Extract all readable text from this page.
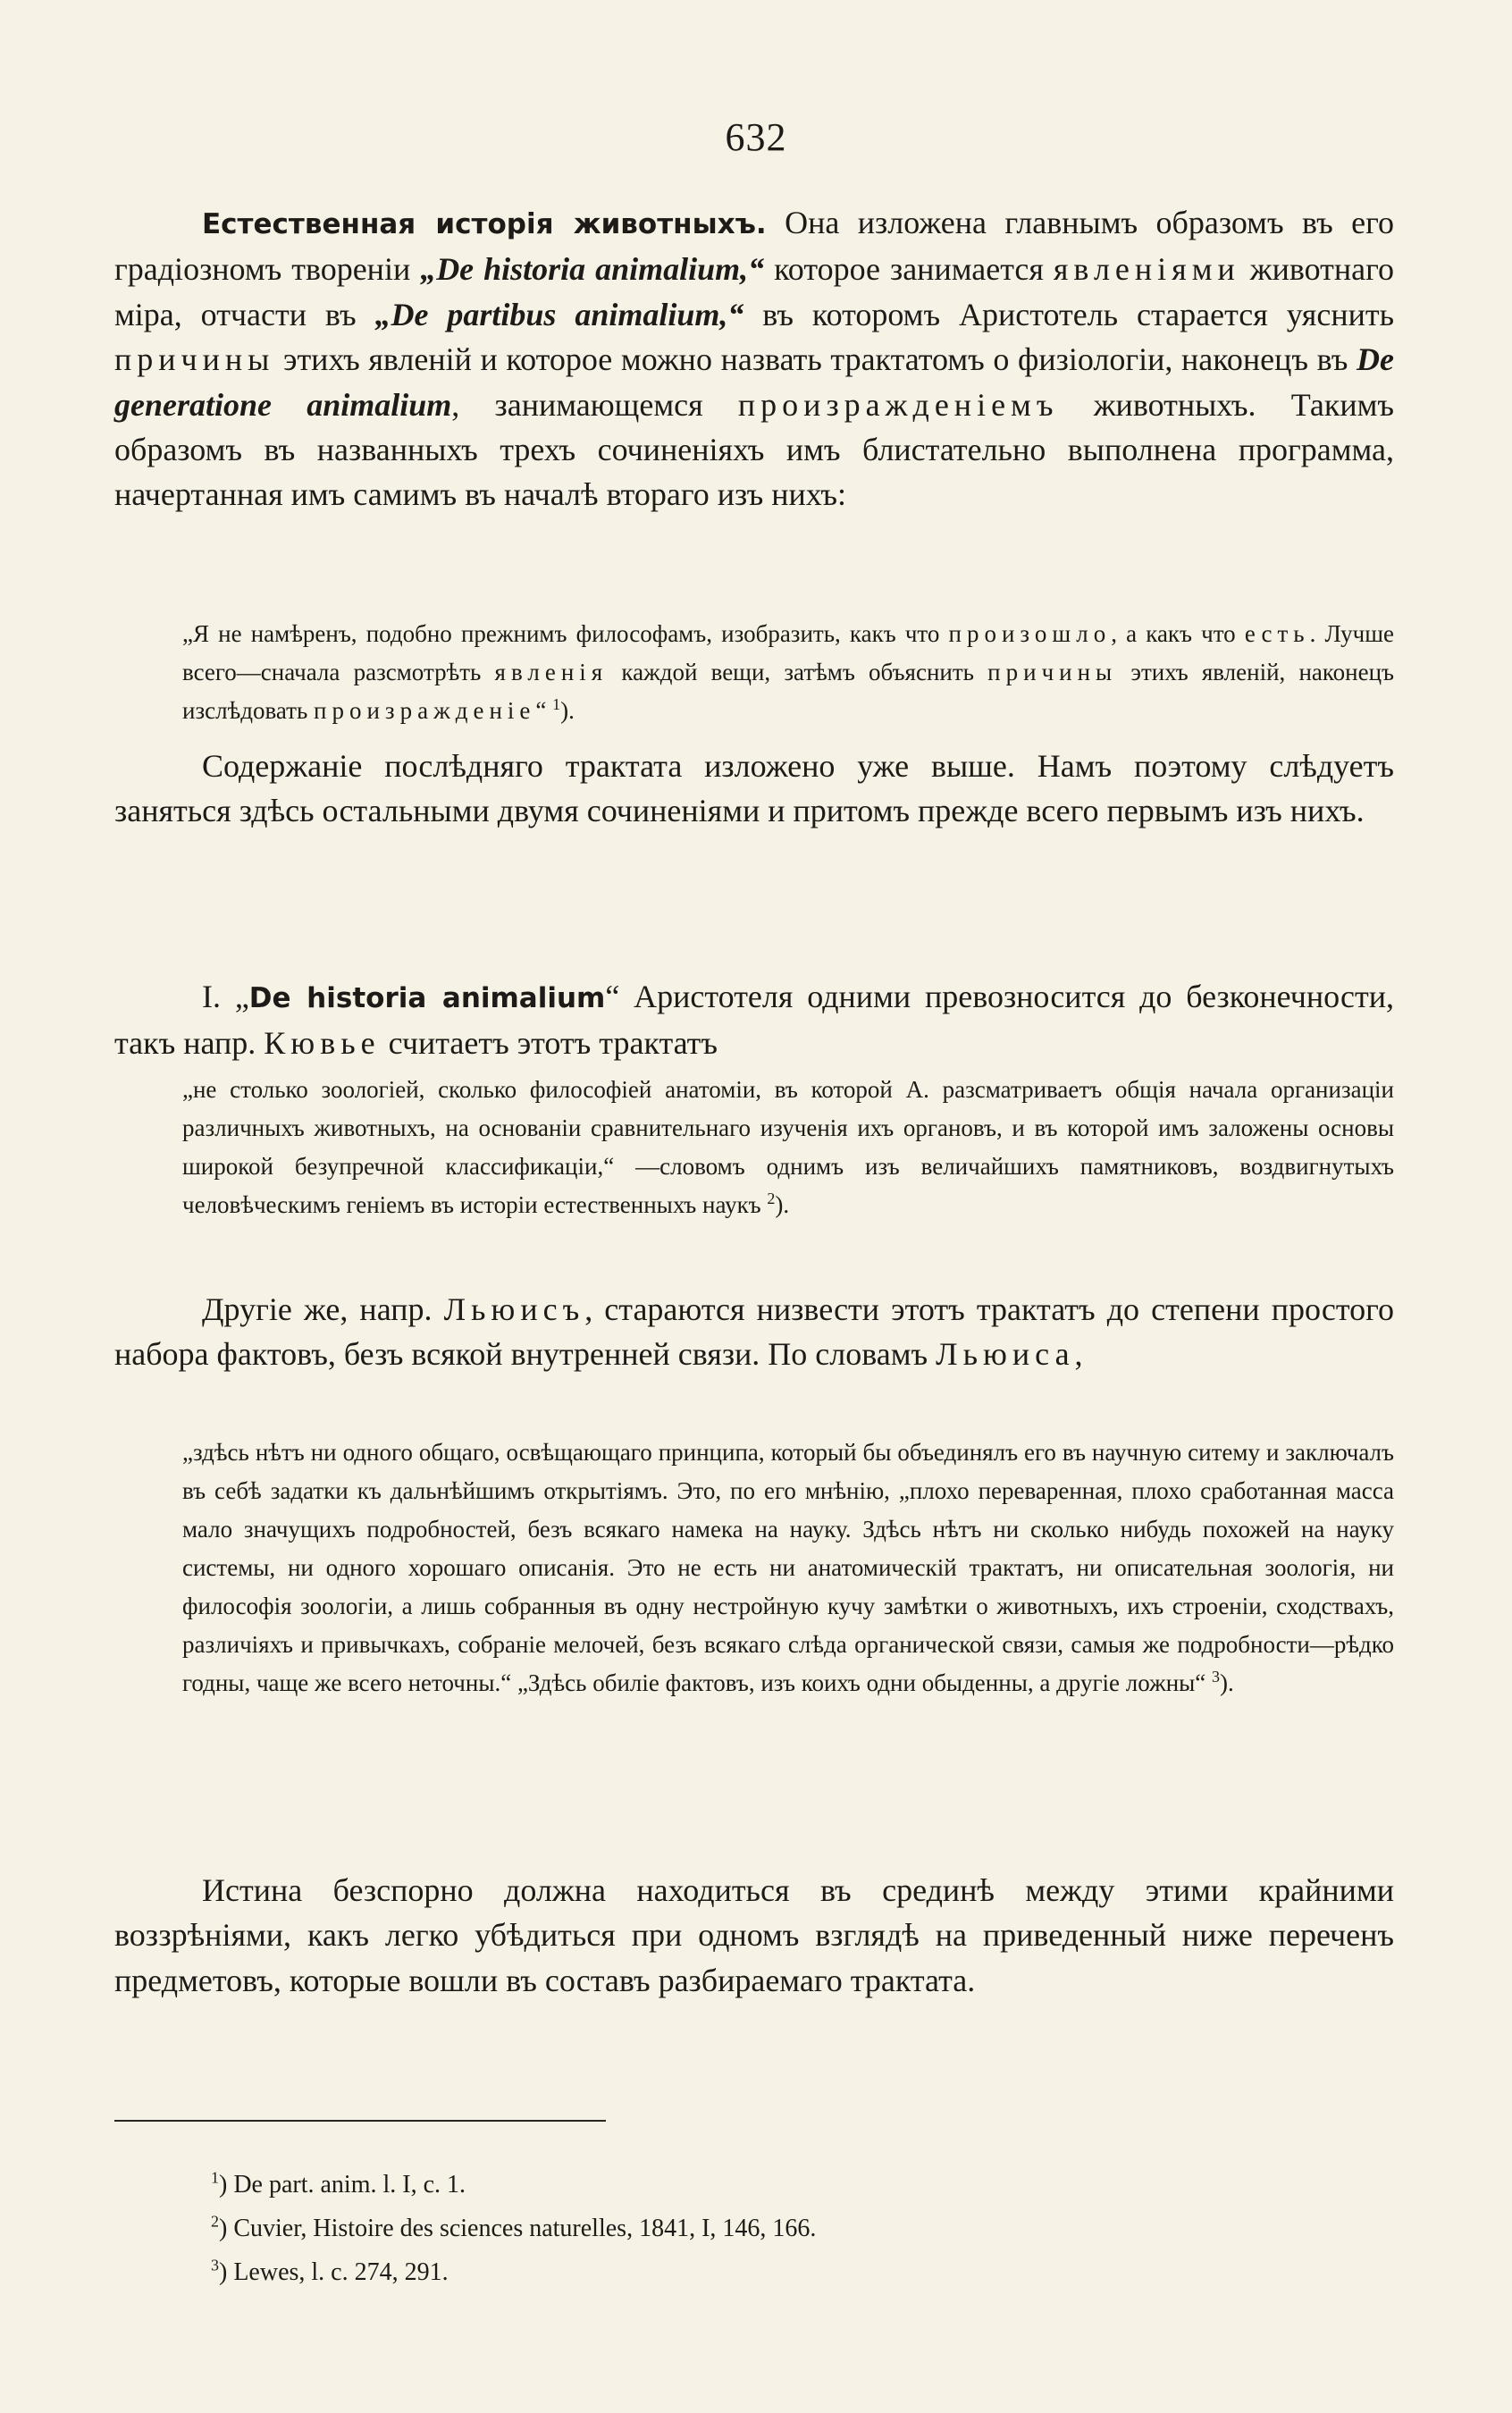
632

Естественная исторія животныхъ. Она изложена главнымъ образомъ въ его градіозномъ твореніи „De historia animalium,“ которое занимается явленіями животнаго міра, отчасти въ „De partibus animalium,“ въ которомъ Аристотель старается уяснить причины этихъ явленій и которое можно назвать трактатомъ о физіологіи, наконецъ въ De generatione animalium, занимающемся произражденіемъ животныхъ. Такимъ образомъ въ названныхъ трехъ сочиненіяхъ имъ блистательно выполнена программа, начертанная имъ самимъ въ началѣ втораго изъ нихъ:

„Я не намѣренъ, подобно прежнимъ философамъ, изобразить, какъ что произошло, а какъ что есть. Лучше всего—сначала разсмотрѣть явленія каждой вещи, затѣмъ объяснить причины этихъ явленій, наконецъ изслѣдовать произражденіе“ $^1$).

Содержаніе послѣдняго трактата изложено уже выше. Намъ поэтому слѣдуетъ заняться здѣсь остальными двумя сочиненіями и притомъ прежде всего первымъ изъ нихъ.

I. „De historia animalium“ Аристотеля одними превозносится до безконечности, такъ напр. Кювье считаетъ этотъ трактатъ

„не столько зоологіей, сколько философіей анатоміи, въ которой А. разсматриваетъ общія начала организаціи различныхъ животныхъ, на основаніи сравнительнаго изученія ихъ органовъ, и въ которой имъ заложены основы широкой безупречной классификаціи,“ —словомъ однимъ изъ величайшихъ памятниковъ, воздвигнутыхъ человѣческимъ геніемъ въ исторіи естественныхъ наукъ $^2$).

Другіе же, напр. Льюисъ, стараются низвести этотъ трактатъ до степени простого набора фактовъ, безъ всякой внутренней связи. По словамъ Льюиса,

„здѣсь нѣтъ ни одного общаго, освѣщающаго принципа, который бы объединялъ его въ научную ситему и заключалъ въ себѣ задатки къ дальнѣйшимъ открытіямъ. Это, по его мнѣнію, „плохо переваренная, плохо сработанная масса мало значущихъ подробностей, безъ всякаго намека на науку. Здѣсь нѣтъ ни сколько нибудь похожей на науку системы, ни одного хорошаго описанія. Это не есть ни анатомическій трактатъ, ни описательная зоологія, ни философія зоологіи, а лишь собранныя въ одну нестройную кучу замѣтки о животныхъ, ихъ строеніи, сходствахъ, различіяхъ и привычкахъ, собраніе мелочей, безъ всякаго слѣда органической связи, самыя же подробности—рѣдко годны, чаще же всего неточны.“ „Здѣсь обиліе фактовъ, изъ коихъ одни обыденны, а другіе ложны“ $^3$).

Истина безспорно должна находиться въ срединѣ между этими крайними воззрѣніями, какъ легко убѣдиться при одномъ взглядѣ на приведенный ниже переченъ предметовъ, которые вошли въ составъ разбираемаго трактата.

$^1$) De part. anim. l. I, c. 1.
$^2$) Cuvier, Histoire des sciences naturelles, 1841, I, 146, 166.
$^3$) Lewes, l. c. 274, 291.
